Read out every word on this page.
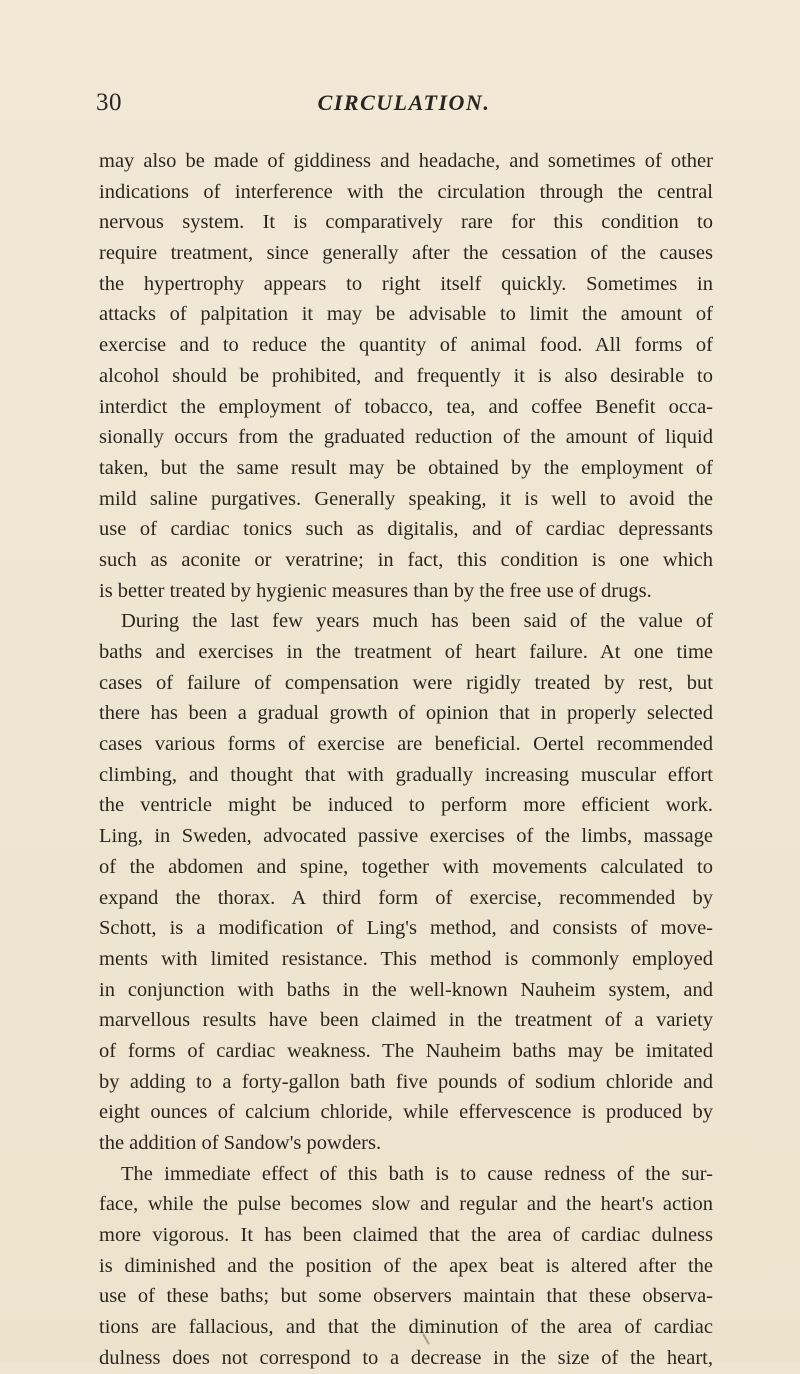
30	CIRCULATION.
may also be made of giddiness and headache, and sometimes of other
indications of interference with the circulation through the central
nervous system. It is comparatively rare for this condition to
require treatment, since generally after the cessation of the causes
the hypertrophy appears to right itself quickly. Sometimes in
attacks of palpitation it may be advisable to limit the amount of
exercise and to reduce the quantity of animal food. All forms of
alcohol should be prohibited, and frequently it is also desirable to
interdict the employment of tobacco, tea, and coffee Benefit occa-
sionally occurs from the graduated reduction of the amount of liquid
taken, but the same result may be obtained by the employment of
mild saline purgatives. Generally speaking, it is well to avoid the
use of cardiac tonics such as digitalis, and of cardiac depressants
such as aconite or veratrine; in fact, this condition is one which
is better treated by hygienic measures than by the free use of drugs.
During the last few years much has been said of the value of
baths and exercises in the treatment of heart failure. At one time
cases of failure of compensation were rigidly treated by rest, but
there has been a gradual growth of opinion that in properly selected
cases various forms of exercise are beneficial. Oertel recommended
climbing, and thought that with gradually increasing muscular effort
the ventricle might be induced to perform more efficient work.
Ling, in Sweden, advocated passive exercises of the limbs, massage
of the abdomen and spine, together with movements calculated to
expand the thorax. A third form of exercise, recommended by
Schott, is a modification of Ling's method, and consists of move-
ments with limited resistance. This method is commonly employed
in conjunction with baths in the well-known Nauheim system, and
marvellous results have been claimed in the treatment of a variety
of forms of cardiac weakness. The Nauheim baths may be imitated
by adding to a forty-gallon bath five pounds of sodium chloride and
eight ounces of calcium chloride, while effervescence is produced by
the addition of Sandow's powders.
The immediate effect of this bath is to cause redness of the sur-
face, while the pulse becomes slow and regular and the heart's action
more vigorous. It has been claimed that the area of cardiac dulness
is diminished and the position of the apex beat is altered after the
use of these baths; but some observers maintain that these observa-
tions are fallacious, and that the diminution of the area of cardiac
dulness does not correspond to a decrease in the size of the heart,
